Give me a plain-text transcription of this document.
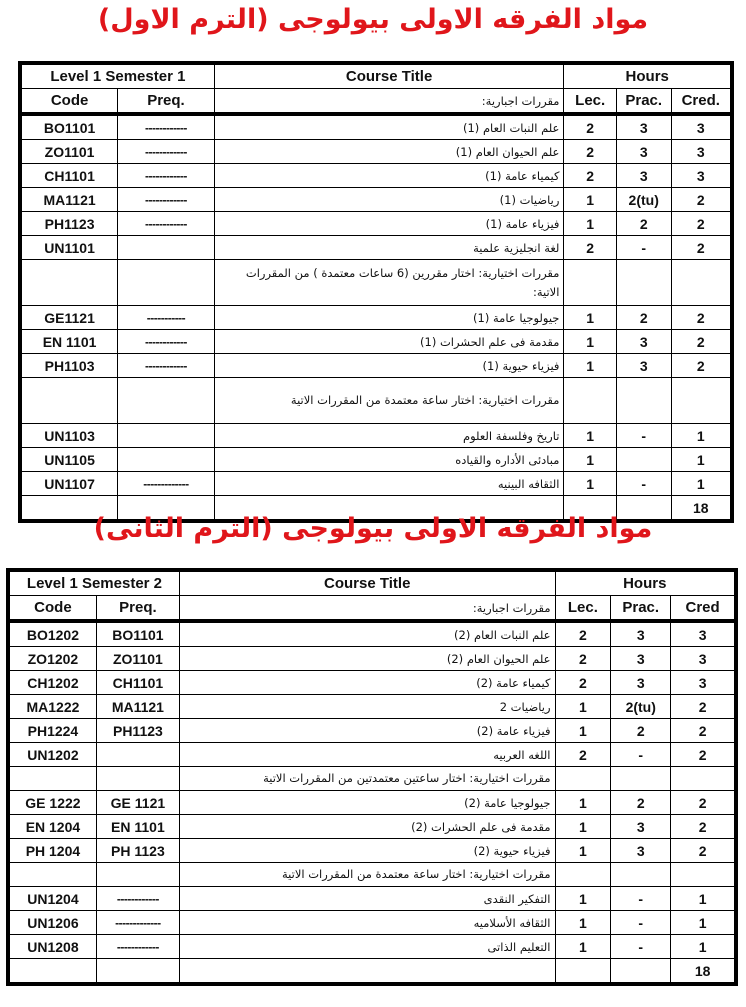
مواد الفرقه الاولى بيولوجى (الترم الاول)
Level 1 Semester 1		Course Title	Hours		
Code	Preq.	مقررات اجبارية:	Lec.	Prac.	Cred.
BO1101	------------	علم النبات العام (1)	2	3	3
ZO1101	------------	علم الحيوان العام (1)	2	3	3
CH1101	------------	كيمياء عامة (1)	2	3	3
MA1121	------------	رياضيات (1)	1	2(tu)	2
PH1123	------------	فيزياء عامة (1)	1	2	2
UN1101		لغة انجليزية علمية	2	-	2
		مقررات اختيارية: اختار مقررين (6 ساعات معتمدة ) من المقررات الاتية:			
GE1121	-----------	جيولوجيا عامة (1)	1	2	2
EN 1101	------------	مقدمة فى علم الحشرات (1)	1	3	2
PH1103	------------	فيزياء حيوية (1)	1	3	2
		مقررات اختيارية: اختار ساعة معتمدة من المقررات الاتية			
UN1103		تاريخ وفلسفة العلوم	1	-	1
UN1105		مبادئى الأداره والقياده	1		1
UN1107	-------------	الثقافه البينيه	1	-	1
					18
مواد الفرقه الاولى بيولوجى (الترم الثانى)
Level 1 Semester 2		Course Title	Hours		
Code	Preq.	مقررات اجبارية:	Lec.	Prac.	Cred
BO1202	BO1101	علم النبات العام (2)	2	3	3
ZO1202	ZO1101	علم الحيوان العام (2)	2	3	3
CH1202	CH1101	كيمياء عامة (2)	2	3	3
MA1222	MA1121	رياضيات 2	1	2(tu)	2
PH1224	PH1123	فيزياء عامة (2)	1	2	2
UN1202		اللغه العربيه	2	-	2
		مقررات اختيارية: اختار ساعتين معتمدتين من المقررات الاتية			
GE 1222	GE 1121	جيولوجيا عامة (2)	1	2	2
EN 1204	EN 1101	مقدمة فى علم الحشرات (2)	1	3	2
PH 1204	PH 1123	فيزياء حيوية (2)	1	3	2
		مقررات اختيارية: اختار ساعة معتمدة من المقررات الاتية			
UN1204	------------	التفكير النقدى	1	-	1
UN1206	-------------	الثقافه الأسلاميه	1	-	1
UN1208	------------	التعليم الذاتى	1	-	1
					18
